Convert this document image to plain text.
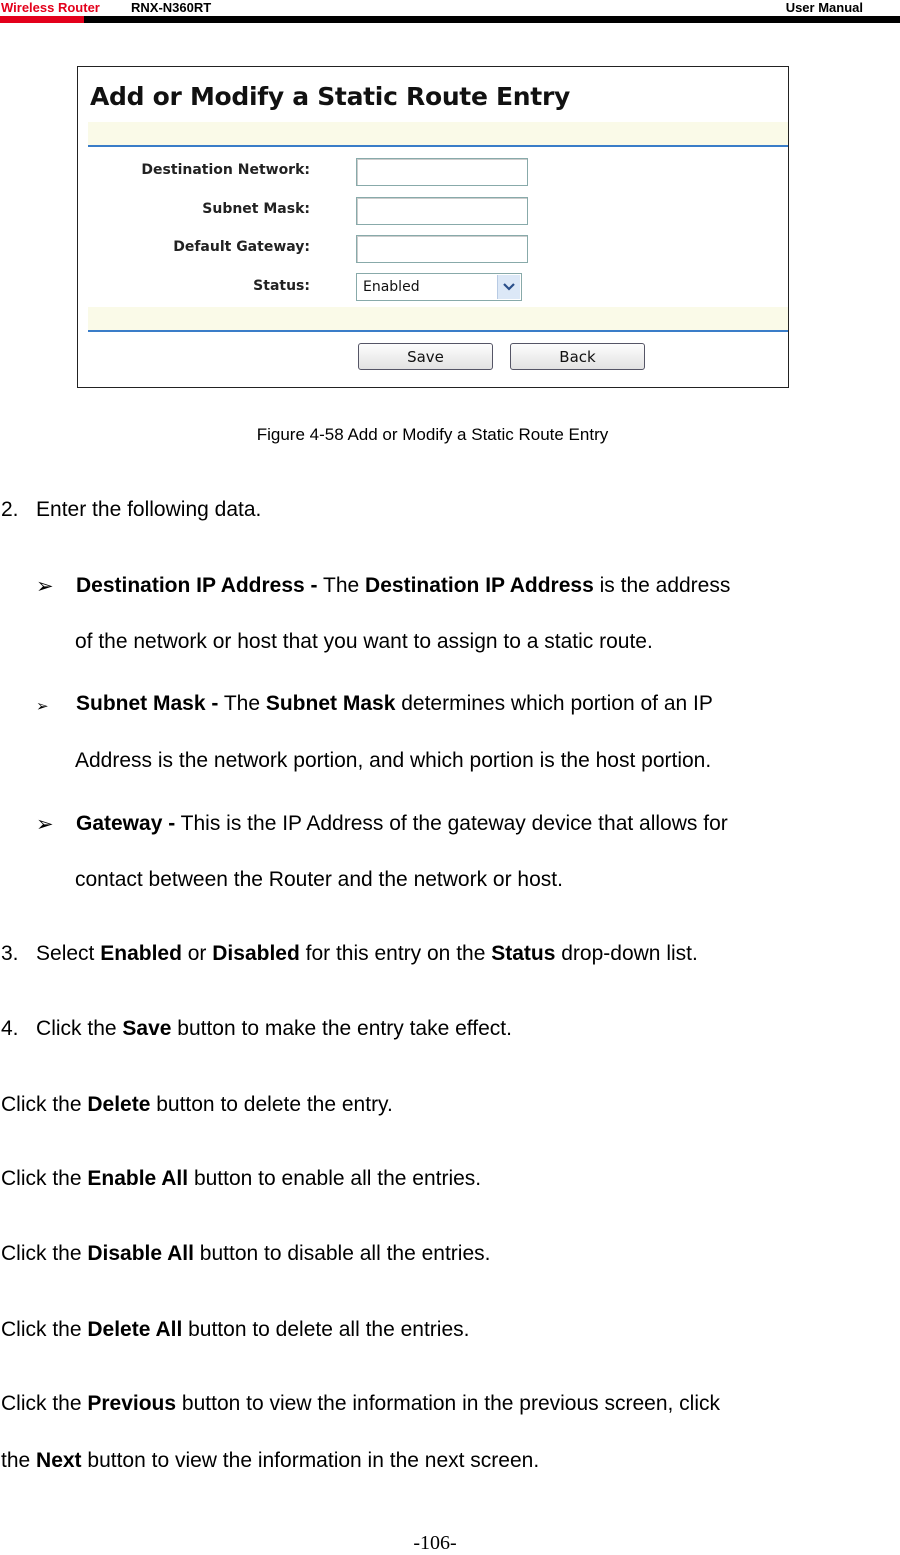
Wireless Router RNX-N360RT	User Manual
Add or Modify a Static Route Entry
Destination Network:
Subnet Mask:
Default Gateway:
Status:	Enabled
Save	Back
Figure 4-58 Add or Modify a Static Route Entry
2. Enter the following data.
➢ Destination IP Address - The Destination IP Address is the address
of the network or host that you want to assign to a static route.
➢ Subnet Mask - The Subnet Mask determines which portion of an IP
Address is the network portion, and which portion is the host portion.
➢ Gateway - This is the IP Address of the gateway device that allows for
contact between the Router and the network or host.
3. Select Enabled or Disabled for this entry on the Status drop-down list.
4. Click the Save button to make the entry take effect.
Click the Delete button to delete the entry.
Click the Enable All button to enable all the entries.
Click the Disable All button to disable all the entries.
Click the Delete All button to delete all the entries.
Click the Previous button to view the information in the previous screen, click
the Next button to view the information in the next screen.
-106-
